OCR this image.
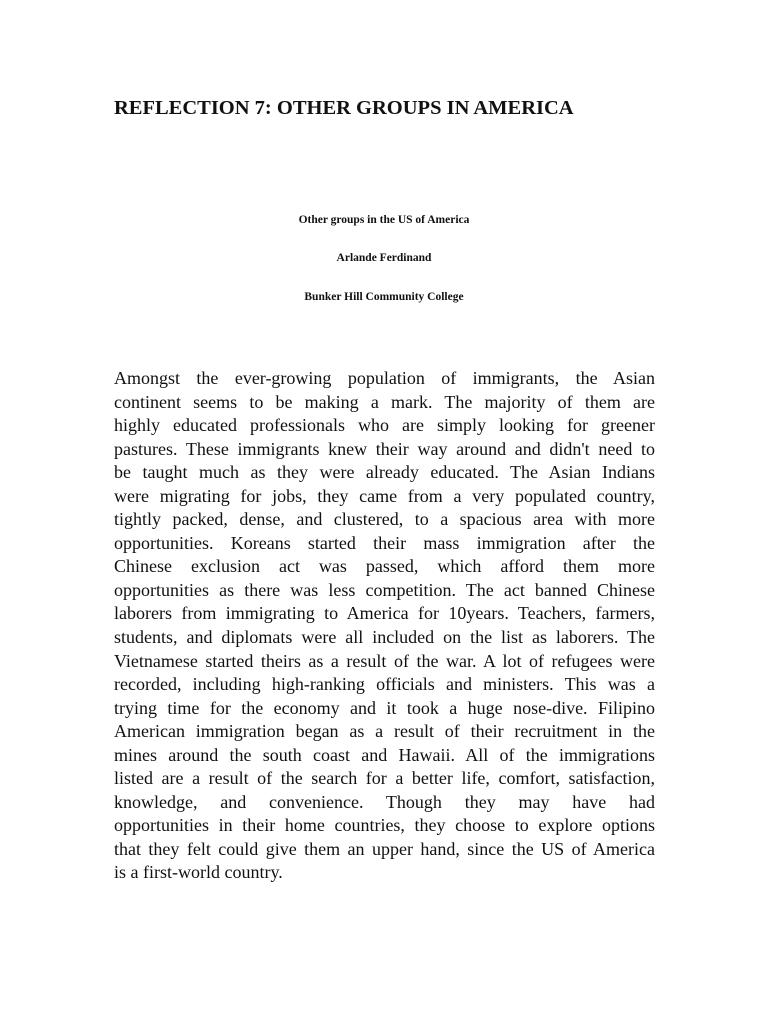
REFLECTION 7: OTHER GROUPS IN AMERICA

Other groups in the US of America

Arlande Ferdinand

Bunker Hill Community College

Amongst the ever-growing population of immigrants, the Asian
continent seems to be making a mark. The majority of them are
highly educated professionals who are simply looking for greener
pastures. These immigrants knew their way around and didn't need to
be taught much as they were already educated. The Asian Indians
were migrating for jobs, they came from a very populated country,
tightly packed, dense, and clustered, to a spacious area with more
opportunities. Koreans started their mass immigration after the
Chinese exclusion act was passed, which afford them more
opportunities as there was less competition. The act banned Chinese
laborers from immigrating to America for 10years. Teachers, farmers,
students, and diplomats were all included on the list as laborers. The
Vietnamese started theirs as a result of the war. A lot of refugees were
recorded, including high-ranking officials and ministers. This was a
trying time for the economy and it took a huge nose-dive. Filipino
American immigration began as a result of their recruitment in the
mines around the south coast and Hawaii. All of the immigrations
listed are a result of the search for a better life, comfort, satisfaction,
knowledge, and convenience. Though they may have had
opportunities in their home countries, they choose to explore options
that they felt could give them an upper hand, since the US of America
is a first-world country.
